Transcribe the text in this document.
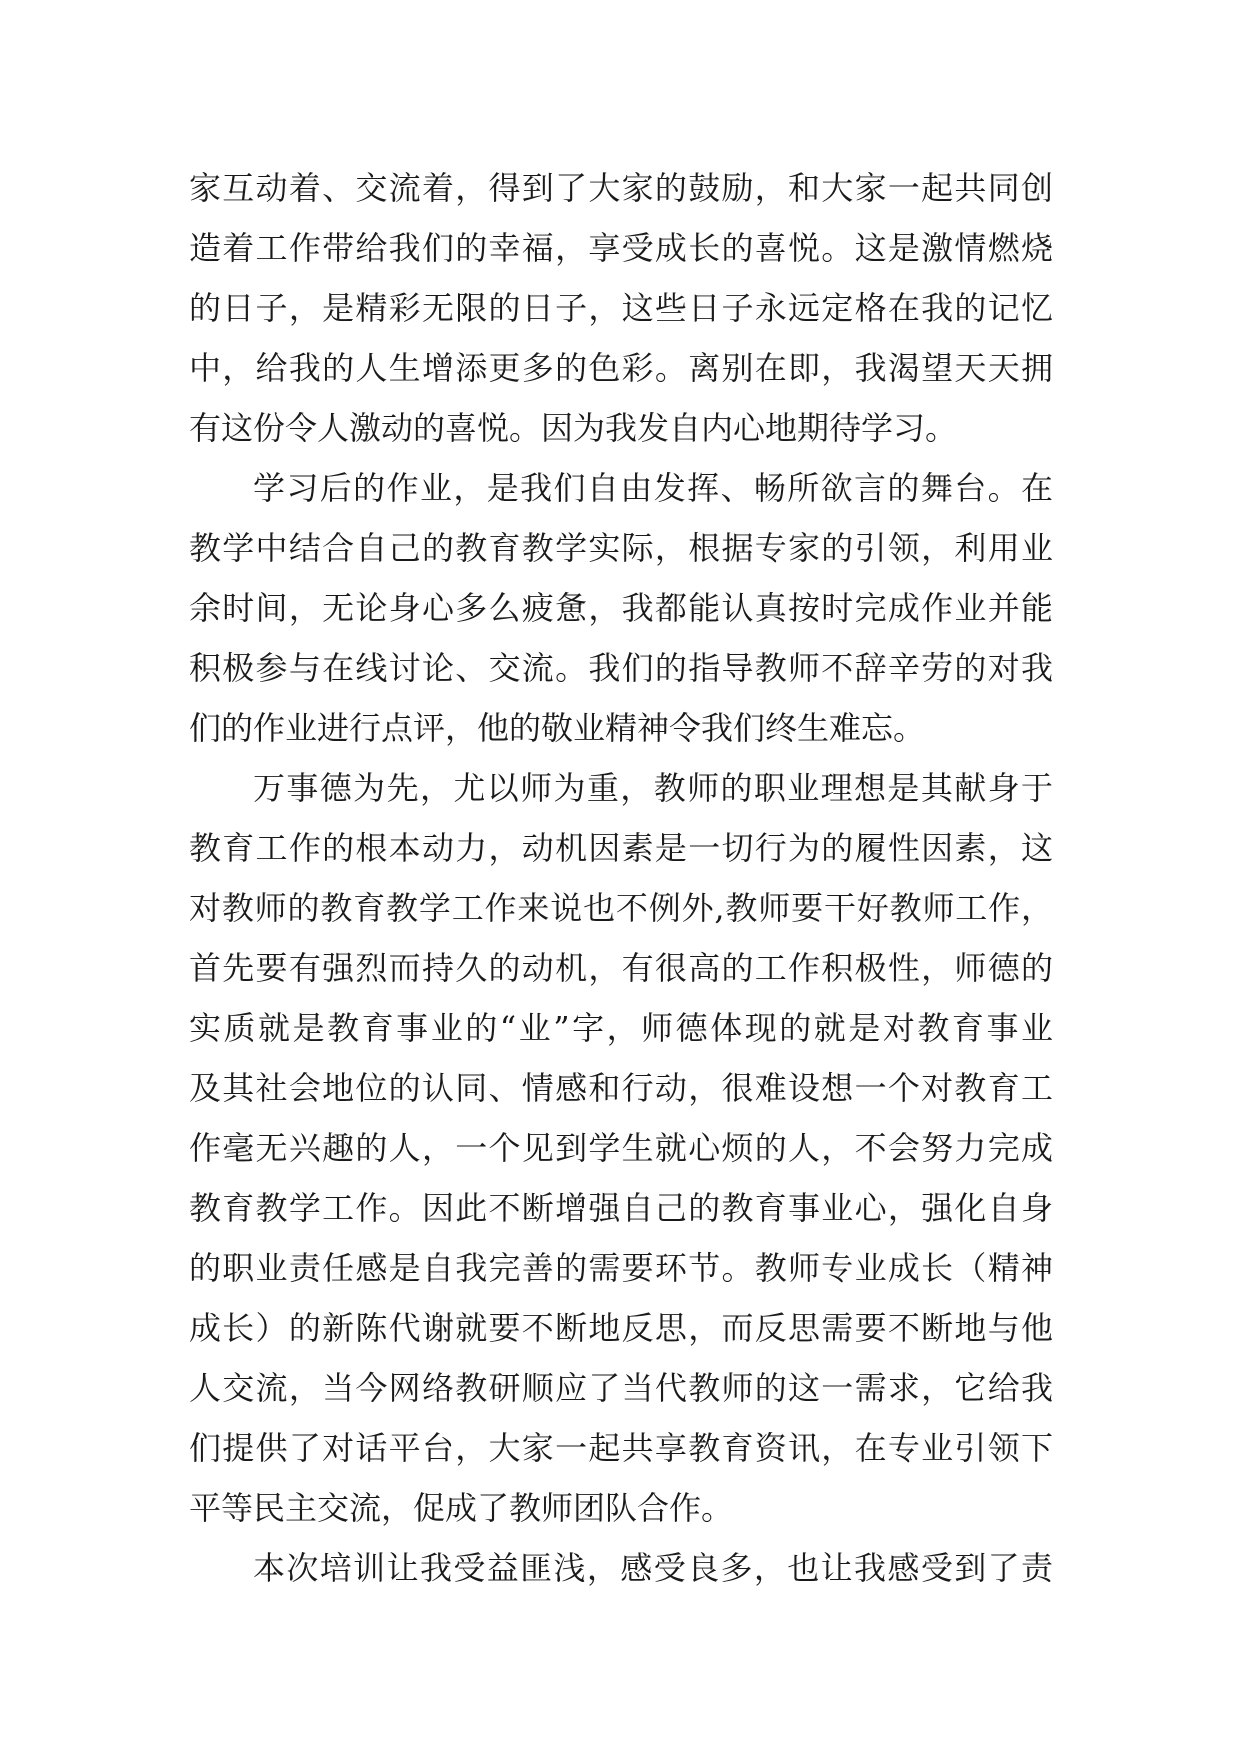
家互动着、交流着，得到了大家的鼓励，和大家一起共同创
造着工作带给我们的幸福，享受成长的喜悦。这是激情燃烧
的日子，是精彩无限的日子，这些日子永远定格在我的记忆
中，给我的人生增添更多的色彩。离别在即，我渴望天天拥
有这份令人激动的喜悦。因为我发自内心地期待学习。
学习后的作业，是我们自由发挥、畅所欲言的舞台。在
教学中结合自己的教育教学实际，根据专家的引领，利用业
余时间，无论身心多么疲惫，我都能认真按时完成作业并能
积极参与在线讨论、交流。我们的指导教师不辞辛劳的对我
们的作业进行点评，他的敬业精神令我们终生难忘。
万事德为先，尤以师为重，教师的职业理想是其献身于
教育工作的根本动力，动机因素是一切行为的履性因素，这
对教师的教育教学工作来说也不例外,教师要干好教师工作，
首先要有强烈而持久的动机，有很高的工作积极性，师德的
实质就是教育事业的“业”字，师德体现的就是对教育事业
及其社会地位的认同、情感和行动，很难设想一个对教育工
作毫无兴趣的人，一个见到学生就心烦的人，不会努力完成
教育教学工作。因此不断增强自己的教育事业心，强化自身
的职业责任感是自我完善的需要环节。教师专业成长（精神
成长）的新陈代谢就要不断地反思，而反思需要不断地与他
人交流，当今网络教研顺应了当代教师的这一需求，它给我
们提供了对话平台，大家一起共享教育资讯，在专业引领下
平等民主交流，促成了教师团队合作。
本次培训让我受益匪浅，感受良多，也让我感受到了责
